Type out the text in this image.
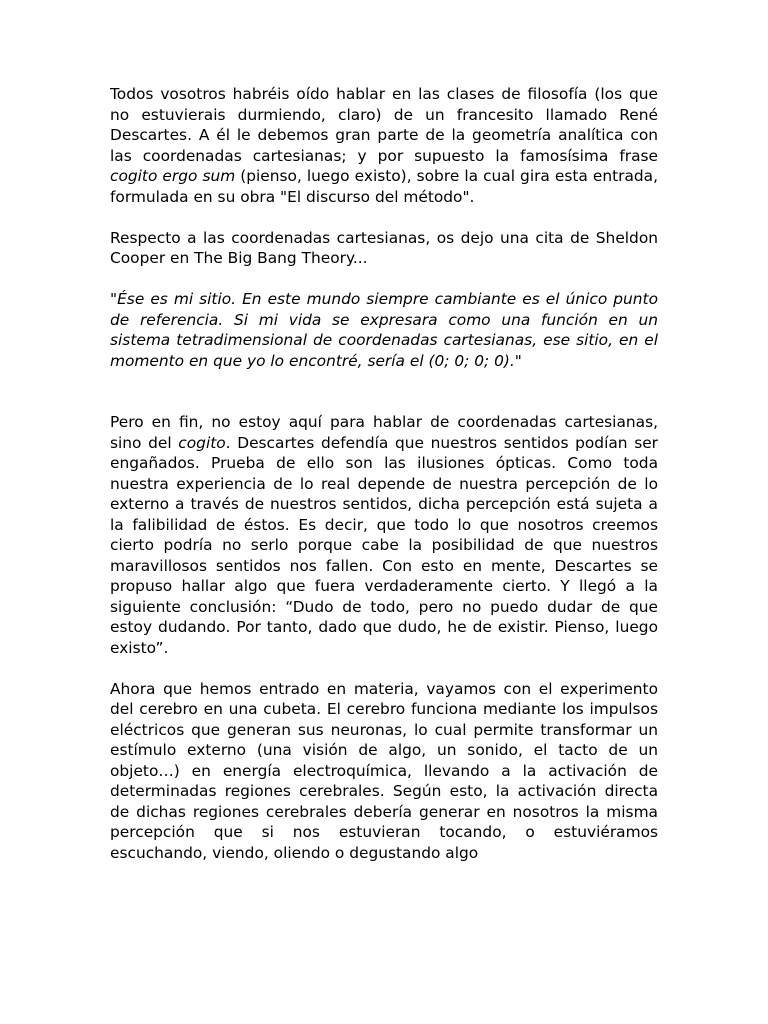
Todos vosotros habréis oído hablar en las clases de filosofía (los que no estuvierais durmiendo, claro) de un francesito llamado René Descartes. A él le debemos gran parte de la geometría analítica con las coordenadas cartesianas; y por supuesto la famosísima frase cogito ergo sum (pienso, luego existo), sobre la cual gira esta entrada, formulada en su obra "El discurso del método".

Respecto a las coordenadas cartesianas, os dejo una cita de Sheldon Cooper en The Big Bang Theory...

"Ése es mi sitio. En este mundo siempre cambiante es el único punto de referencia. Si mi vida se expresara como una función en un sistema tetradimensional de coordenadas cartesianas, ese sitio, en el momento en que yo lo encontré, sería el (0; 0; 0; 0)."

Pero en fin, no estoy aquí para hablar de coordenadas cartesianas, sino del cogito. Descartes defendía que nuestros sentidos podían ser engañados. Prueba de ello son las ilusiones ópticas. Como toda nuestra experiencia de lo real depende de nuestra percepción de lo externo a través de nuestros sentidos, dicha percepción está sujeta a la falibilidad de éstos. Es decir, que todo lo que nosotros creemos cierto podría no serlo porque cabe la posibilidad de que nuestros maravillosos sentidos nos fallen. Con esto en mente, Descartes se propuso hallar algo que fuera verdaderamente cierto. Y llegó a la siguiente conclusión: “Dudo de todo, pero no puedo dudar de que estoy dudando. Por tanto, dado que dudo, he de existir. Pienso, luego existo”.

Ahora que hemos entrado en materia, vayamos con el experimento del cerebro en una cubeta. El cerebro funciona mediante los impulsos eléctricos que generan sus neuronas, lo cual permite transformar un estímulo externo (una visión de algo, un sonido, el tacto de un objeto…) en energía electroquímica, llevando a la activación de determinadas regiones cerebrales. Según esto, la activación directa de dichas regiones cerebrales debería generar en nosotros la misma percepción que si nos estuvieran tocando, o estuviéramos escuchando, viendo, oliendo o degustando algo
